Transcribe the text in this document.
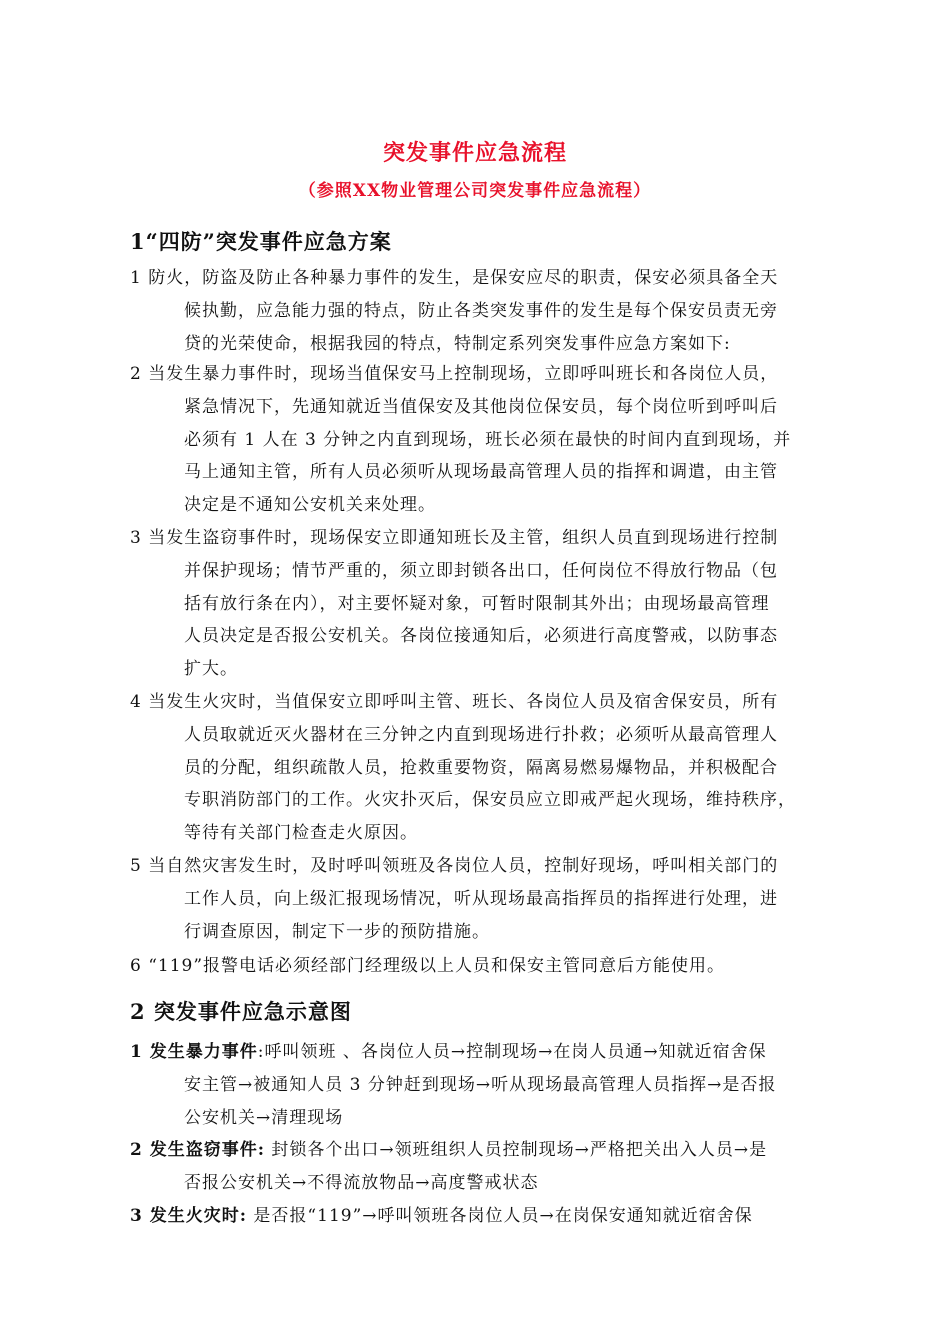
突发事件应急流程
（参照XX物业管理公司突发事件应急流程）
1“四防”突发事件应急方案
1 防火，防盗及防止各种暴力事件的发生，是保安应尽的职责，保安必须具备全天
候执勤，应急能力强的特点，防止各类突发事件的发生是每个保安员责无旁
贷的光荣使命，根据我园的特点，特制定系列突发事件应急方案如下:
2 当发生暴力事件时，现场当值保安马上控制现场，立即呼叫班长和各岗位人员，
紧急情况下，先通知就近当值保安及其他岗位保安员，每个岗位听到呼叫后
必须有 1 人在 3 分钟之内直到现场，班长必须在最快的时间内直到现场，并
马上通知主管，所有人员必须听从现场最高管理人员的指挥和调遣，由主管
决定是不通知公安机关来处理。
3 当发生盗窃事件时，现场保安立即通知班长及主管，组织人员直到现场进行控制
并保护现场；情节严重的，须立即封锁各出口，任何岗位不得放行物品（包
括有放行条在内），对主要怀疑对象，可暂时限制其外出；由现场最高管理
人员决定是否报公安机关。各岗位接通知后，必须进行高度警戒，以防事态
扩大。
4 当发生火灾时，当值保安立即呼叫主管、班长、各岗位人员及宿舍保安员，所有
人员取就近灭火器材在三分钟之内直到现场进行扑救；必须听从最高管理人
员的分配，组织疏散人员，抢救重要物资，隔离易燃易爆物品，并积极配合
专职消防部门的工作。火灾扑灭后，保安员应立即戒严起火现场，维持秩序，
等待有关部门检查走火原因。
5 当自然灾害发生时，及时呼叫领班及各岗位人员，控制好现场，呼叫相关部门的
工作人员，向上级汇报现场情况，听从现场最高指挥员的指挥进行处理，进
行调查原因，制定下一步的预防措施。
6 “119”报警电话必须经部门经理级以上人员和保安主管同意后方能使用。
2 突发事件应急示意图
1 发生暴力事件:呼叫领班 、各岗位人员→控制现场→在岗人员通→知就近宿舍保
安主管→被通知人员 3 分钟赶到现场→听从现场最高管理人员指挥→是否报
公安机关→清理现场
2 发生盗窃事件: 封锁各个出口→领班组织人员控制现场→严格把关出入人员→是
否报公安机关→不得流放物品→高度警戒状态
3 发生火灾时: 是否报“119”→呼叫领班各岗位人员→在岗保安通知就近宿舍保
